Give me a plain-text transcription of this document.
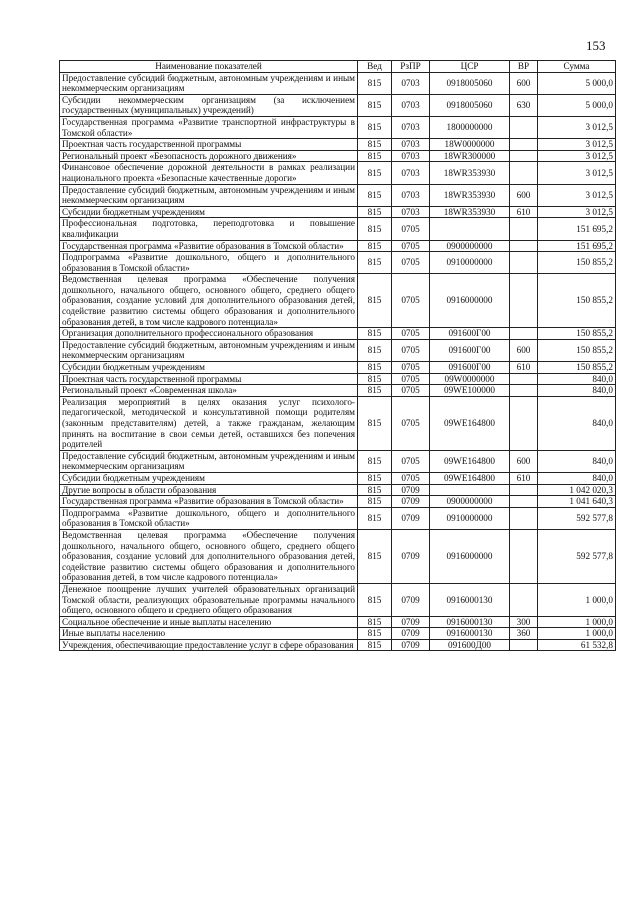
153
Наименование показателей	Вед	РзПР	ЦСР	ВР	Сумма
Предоставление субсидий бюджетным, автономным учреждениям и иным некоммерческим организациям	815	0703	0918005060	600	5 000,0
Субсидии некоммерческим организациям (за исключением государственных (муниципальных) учреждений)	815	0703	0918005060	630	5 000,0
Государственная программа «Развитие транспортной инфраструктуры в Томской области»	815	0703	1800000000		3 012,5
Проектная часть государственной программы	815	0703	18W0000000		3 012,5
Региональный проект «Безопасность дорожного движения»	815	0703	18WR300000		3 012,5
Финансовое обеспечение дорожной деятельности в рамках реализации национального проекта «Безопасные качественные дороги»	815	0703	18WR353930		3 012,5
Предоставление субсидий бюджетным, автономным учреждениям и иным некоммерческим организациям	815	0703	18WR353930	600	3 012,5
Субсидии бюджетным учреждениям	815	0703	18WR353930	610	3 012,5
Профессиональная подготовка, переподготовка и повышение квалификации	815	0705			151 695,2
Государственная программа «Развитие образования в Томской области»	815	0705	0900000000		151 695,2
Подпрограмма «Развитие дошкольного, общего и дополнительного образования в Томской области»	815	0705	0910000000		150 855,2
Ведомственная целевая программа «Обеспечение получения дошкольного, начального общего, основного общего, среднего общего образования, создание условий для дополнительного образования детей, содействие развитию системы общего образования и дополнительного образования детей, в том числе кадрового потенциала»	815	0705	0916000000		150 855,2
Организация дополнительного профессионального образования	815	0705	091600Г00		150 855,2
Предоставление субсидий бюджетным, автономным учреждениям и иным некоммерческим организациям	815	0705	091600Г00	600	150 855,2
Субсидии бюджетным учреждениям	815	0705	091600Г00	610	150 855,2
Проектная часть государственной программы	815	0705	09W0000000		840,0
Региональный проект «Современная школа»	815	0705	09WE100000		840,0
Реализация мероприятий в целях оказания услуг психолого-педагогической, методической и консультативной помощи родителям (законным представителям) детей, а также гражданам, желающим принять на воспитание в свои семьи детей, оставшихся без попечения родителей	815	0705	09WE164800		840,0
Предоставление субсидий бюджетным, автономным учреждениям и иным некоммерческим организациям	815	0705	09WE164800	600	840,0
Субсидии бюджетным учреждениям	815	0705	09WE164800	610	840,0
Другие вопросы в области образования	815	0709			1 042 020,3
Государственная программа «Развитие образования в Томской области»	815	0709	0900000000		1 041 640,3
Подпрограмма «Развитие дошкольного, общего и дополнительного образования в Томской области»	815	0709	0910000000		592 577,8
Ведомственная целевая программа «Обеспечение получения дошкольного, начального общего, основного общего, среднего общего образования, создание условий для дополнительного образования детей, содействие развитию системы общего образования и дополнительного образования детей, в том числе кадрового потенциала»	815	0709	0916000000		592 577,8
Денежное поощрение лучших учителей образовательных организаций Томской области, реализующих образовательные программы начального общего, основного общего и среднего общего образования	815	0709	0916000130		1 000,0
Социальное обеспечение и иные выплаты населению	815	0709	0916000130	300	1 000,0
Иные выплаты населению	815	0709	0916000130	360	1 000,0
Учреждения, обеспечивающие предоставление услуг в сфере образования	815	0709	091600Д00		61 532,8
